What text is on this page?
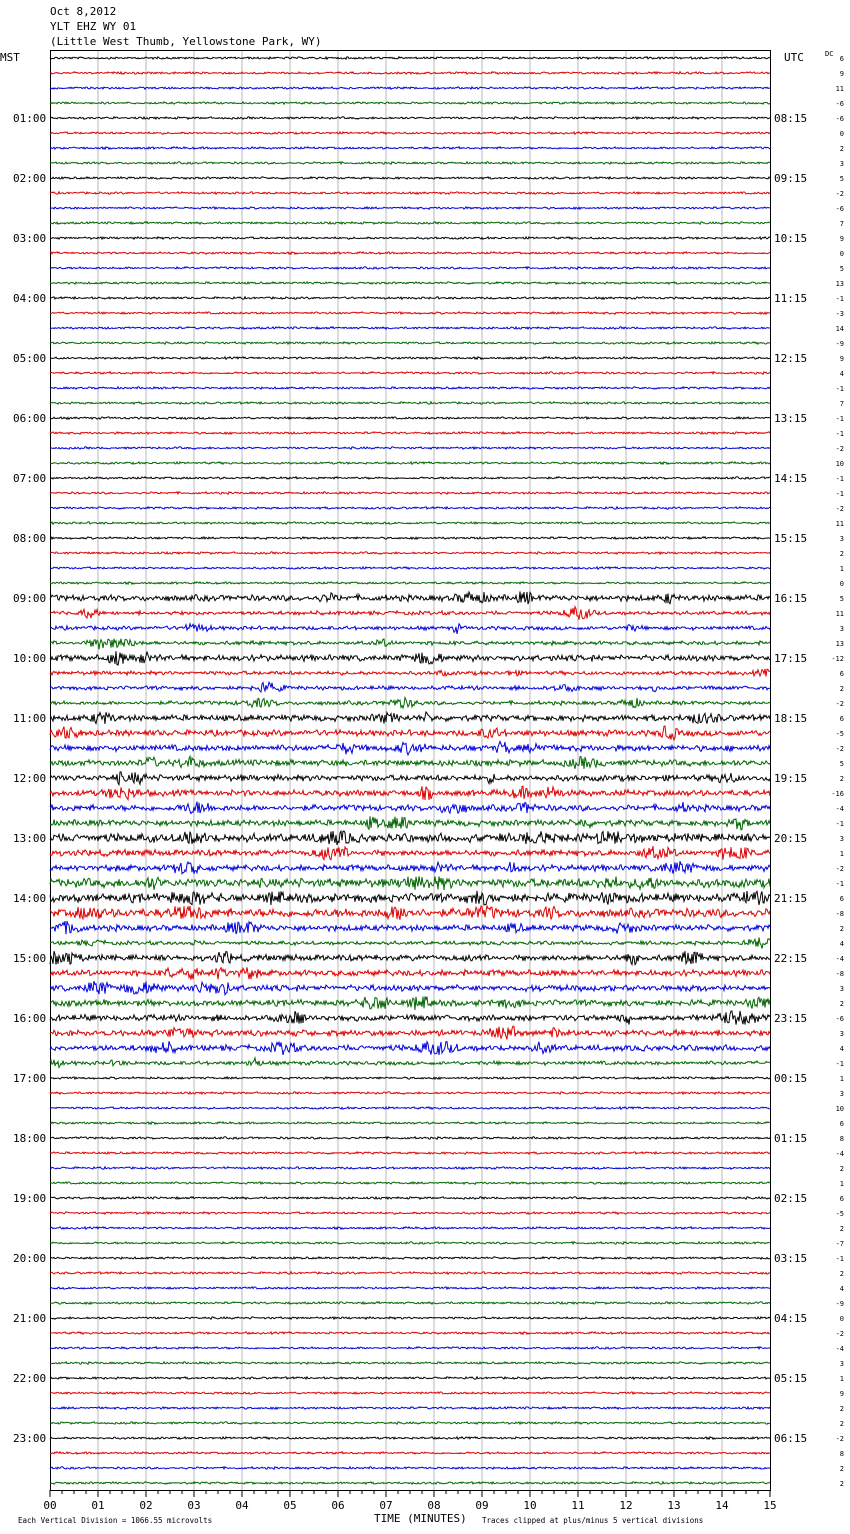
Oct 8,2012
YLT EHZ WY 01
(Little West Thumb, Yellowstone Park, WY)
01:00
02:00
03:00
04:00
05:00
06:00
07:00
08:00
09:00
10:00
11:00
12:00
13:00
14:00
15:00
16:00
17:00
18:00
19:00
20:00
21:00
22:00
23:00
08:15
09:15
10:15
11:15
12:15
13:15
14:15
15:15
16:15
17:15
18:15
19:15
20:15
21:15
22:15
23:15
00:15
01:15
02:15
03:15
04:15
05:15
06:15
6
9
11
-6
-6
0
2
3
5
-2
-6
7
9
0
5
13
-1
-3
14
-9
9
4
-1
7
-1
-1
-2
10
-1
-1
-2
11
3
2
1
0
5
11
3
13
-12
6
2
-2
6
-5
-2
5
2
-16
-4
-1
3
1
-2
-1
6
-8
2
4
-4
-8
3
2
-6
3
4
-1
1
3
10
6
8
-4
2
1
6
-5
2
-7
-1
2
4
-9
0
-2
-4
3
1
9
2
2
-2
8
2
2
00	01	02	03	04	05	06	07	08	09	10	11	12	13	14	15
MST	UTC	DC
TIME (MINUTES)
Each Vertical Division = 1066.55 microvolts	Traces clipped at plus/minus 5 vertical divisions
